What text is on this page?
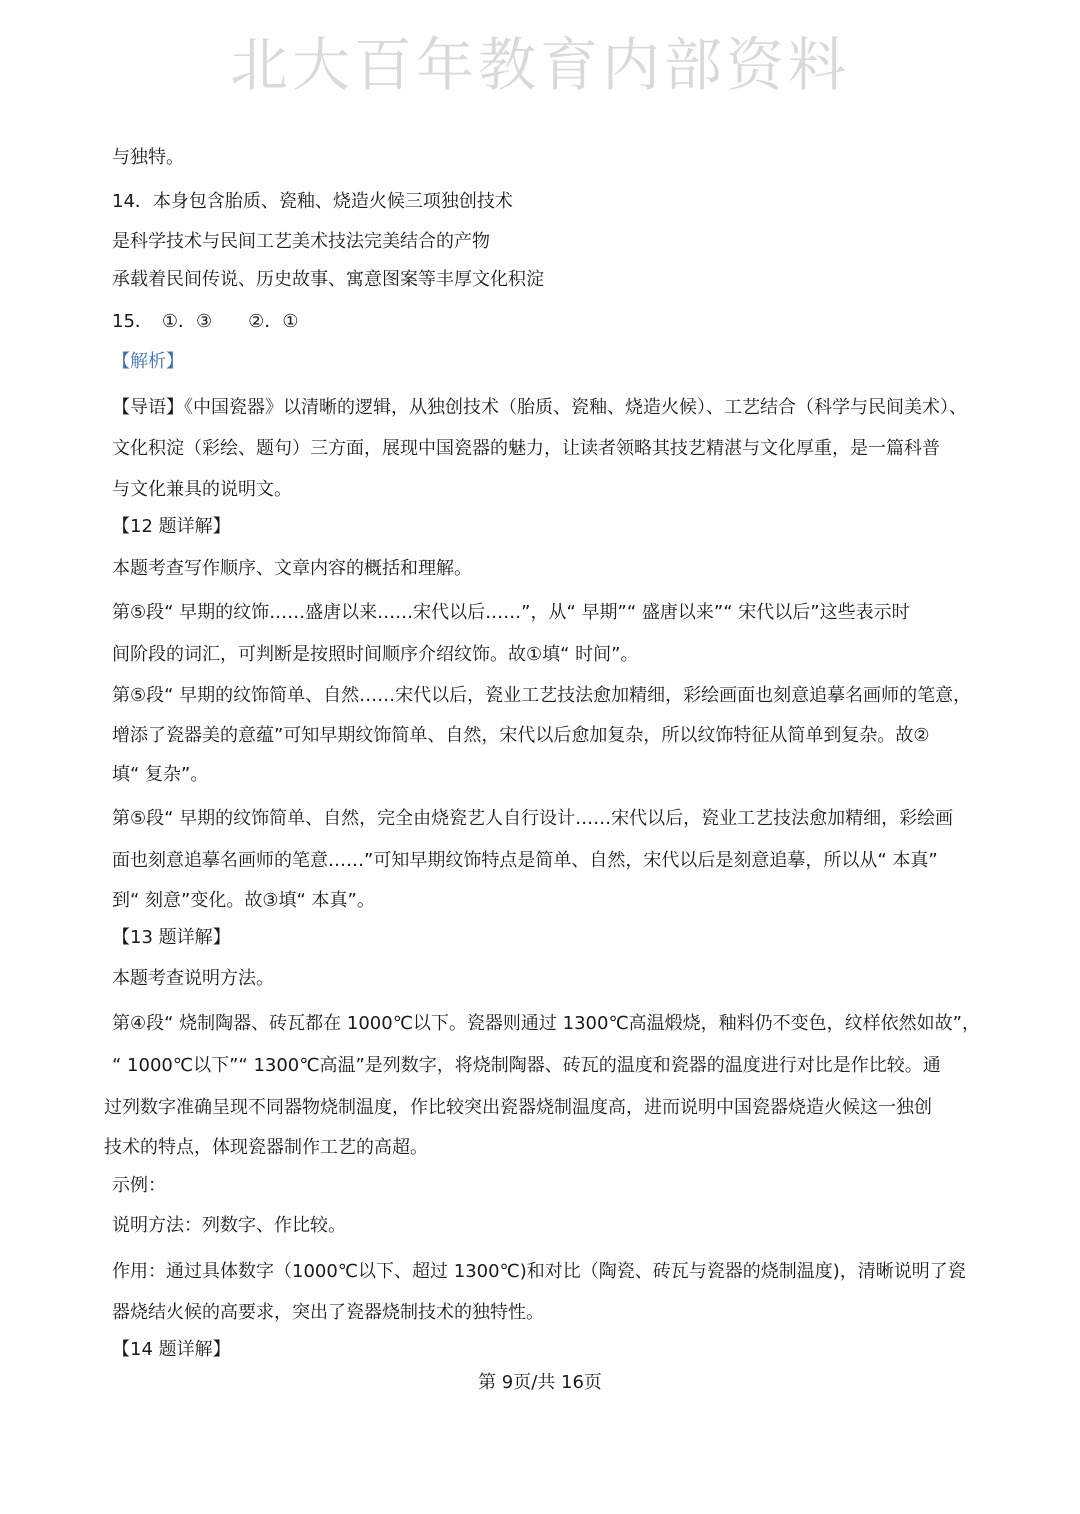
北大百年教育内部资料
与独特。
14．本身包含胎质、瓷釉、烧造火候三项独创技术
是科学技术与民间工艺美术技法完美结合的产物
承载着民间传说、历史故事、寓意图案等丰厚文化积淀
15．　①．③　　②．①
【解析】
【导语】《中国瓷器》以清晰的逻辑，从独创技术（胎质、瓷釉、烧造火候）、工艺结合（科学与民间美术）、
文化积淀（彩绘、题句）三方面，展现中国瓷器的魅力，让读者领略其技艺精湛与文化厚重，是一篇科普
与文化兼具的说明文。
【12 题详解】
本题考查写作顺序、文章内容的概括和理解。
第⑤段“ 早期的纹饰……盛唐以来……宋代以后……”，从“ 早期”“ 盛唐以来”“ 宋代以后”这些表示时
间阶段的词汇，可判断是按照时间顺序介绍纹饰。故①填“ 时间”。
第⑤段“ 早期的纹饰简单、自然……宋代以后，瓷业工艺技法愈加精细，彩绘画面也刻意追摹名画师的笔意，
增添了瓷器美的意蕴”可知早期纹饰简单、自然，宋代以后愈加复杂，所以纹饰特征从简单到复杂。故②
填“ 复杂”。
第⑤段“ 早期的纹饰简单、自然，完全由烧瓷艺人自行设计……宋代以后，瓷业工艺技法愈加精细，彩绘画
面也刻意追摹名画师的笔意……”可知早期纹饰特点是简单、自然，宋代以后是刻意追摹，所以从“ 本真”
到“ 刻意”变化。故③填“ 本真”。
【13 题详解】
本题考查说明方法。
第④段“ 烧制陶器、砖瓦都在 1000℃以下。瓷器则通过 1300℃高温煅烧，釉料仍不变色，纹样依然如故”，
“ 1000℃以下”“ 1300℃高温”是列数字，将烧制陶器、砖瓦的温度和瓷器的温度进行对比是作比较。通
过列数字准确呈现不同器物烧制温度，作比较突出瓷器烧制温度高，进而说明中国瓷器烧造火候这一独创
技术的特点，体现瓷器制作工艺的高超。
示例：
说明方法：列数字、作比较。
作用：通过具体数字（1000℃以下、超过 1300℃)和对比（陶瓷、砖瓦与瓷器的烧制温度)，清晰说明了瓷
器烧结火候的高要求，突出了瓷器烧制技术的独特性。
【14 题详解】
第 9页/共 16页
